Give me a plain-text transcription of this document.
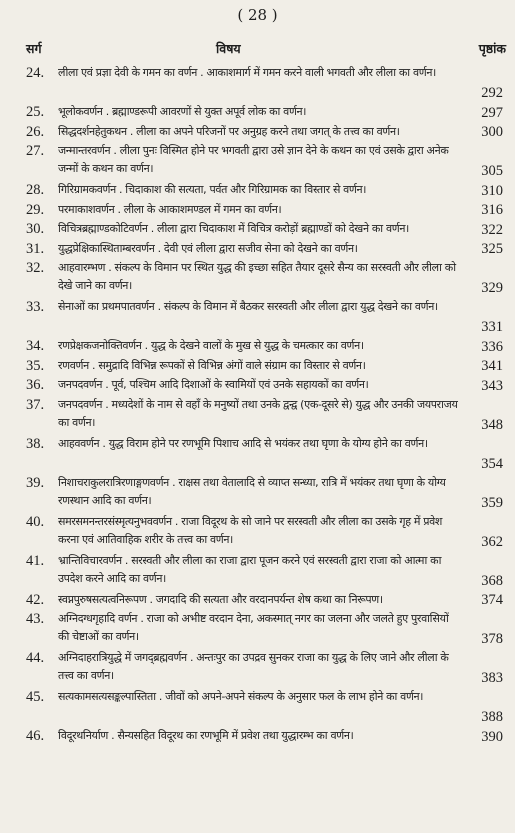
( 28 )
सर्ग	विषय	पृष्ठांक
24. लीला एवं प्रज्ञा देवी के गमन का वर्णन . आकाशमार्ग में गमन करने वाली भगवती और लीला का वर्णन।
292
25. भूलोकवर्णन . ब्रह्माण्डरूपी आवरणों से युक्त अपूर्व लोक का वर्णन।	297
26. सिद्धदर्शनहेतुकथन . लीला का अपने परिजनों पर अनुग्रह करने तथा जगत् के तत्त्व का वर्णन।	300
27. जन्मान्तरवर्णन . लीला पुनः विस्मित होने पर भगवती द्वारा उसे ज्ञान देने के कथन का एवं उसके द्वारा अनेक जन्मों के कथन का वर्णन।	305
28. गिरिग्रामकवर्णन . चिदाकाश की सत्यता, पर्वत और गिरिग्रामक का विस्तार से वर्णन।	310
29. परमाकाशवर्णन . लीला के आकाशमण्डल में गमन का वर्णन।	316
30. विचित्रब्रह्माण्डकोटिवर्णन . लीला द्वारा चिदाकाश में विचित्र करोड़ों ब्रह्माण्डों को देखने का वर्णन।	322
31. युद्धप्रेक्षिकास्थिताम्बरवर्णन . देवी एवं लीला द्वारा सजीव सेना को देखने का वर्णन।	325
32. आहवारम्भण . संकल्प के विमान पर स्थित युद्ध की इच्छा सहित तैयार दूसरे सैन्य का सरस्वती और लीला को देखे जाने का वर्णन।	329
33. सेनाओं का प्रथमपातवर्णन . संकल्प के विमान में बैठकर सरस्वती और लीला द्वारा युद्ध देखने का वर्णन।
331
34. रणप्रेक्षकजनोक्तिवर्णन . युद्ध के देखने वालों के मुख से युद्ध के चमत्कार का वर्णन।	336
35. रणवर्णन . समुद्रादि विभिन्न रूपकों से विभिन्न अंगों वाले संग्राम का विस्तार से वर्णन।	341
36. जनपदवर्णन . पूर्व, पश्चिम आदि दिशाओं के स्वामियों एवं उनके सहायकों का वर्णन।	343
37. जनपदवर्णन . मध्यदेशों के नाम से वहाँ के मनुष्यों तथा उनके द्वन्द्व (एक-दूसरे से) युद्ध और उनकी जयपराजय का वर्णन।	348
38. आहववर्णन . युद्ध विराम होने पर रणभूमि पिशाच आदि से भयंकर तथा घृणा के योग्य होने का वर्णन।
354
39. निशाचराकुलरात्रिरणाङ्गणवर्णन . राक्षस तथा वेतालादि से व्याप्त सन्ध्या, रात्रि में भयंकर तथा घृणा के योग्य रणस्थान आदि का वर्णन।	359
40. समरसमनन्तरसंस्मृत्यनुभववर्णन . राजा विदूरथ के सो जाने पर सरस्वती और लीला का उसके गृह में प्रवेश करना एवं आतिवाहिक शरीर के तत्त्व का वर्णन।	362
41. भ्रान्तिविचारवर्णन . सरस्वती और लीला का राजा द्वारा पूजन करने एवं सरस्वती द्वारा राजा को आत्मा का उपदेश करने आदि का वर्णन।	368
42. स्वप्नपुरुषसत्यत्वनिरूपण . जगदादि की सत्यता और वरदानपर्यन्त शेष कथा का निरूपण।	374
43. अग्निदग्धगृहादि वर्णन . राजा को अभीष्ट वरदान देना, अकस्मात् नगर का जलना और जलते हुए पुरवासियों की चेष्टाओं का वर्णन।	378
44. अग्निदाहरात्रियुद्धे में जगद्ब्रह्मवर्णन . अन्तःपुर का उपद्रव सुनकर राजा का युद्ध के लिए जाने और लीला के तत्त्व का वर्णन।	383
45. सत्यकामसत्यसङ्कल्पास्तिता . जीवों को अपने-अपने संकल्प के अनुसार फल के लाभ होने का वर्णन।
388
46. विदूरथनिर्याण . सैन्यसहित विदूरथ का रणभूमि में प्रवेश तथा युद्धारम्भ का वर्णन।	390
